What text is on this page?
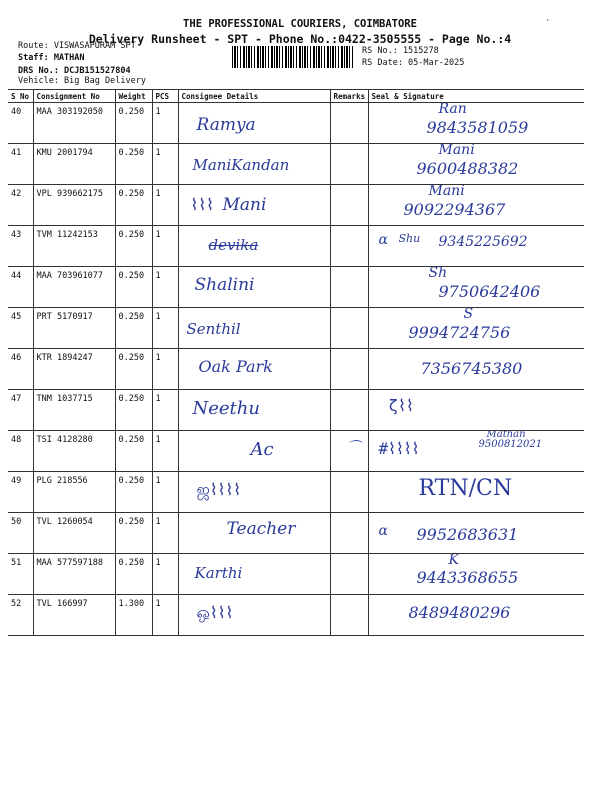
THE PROFESSIONAL COURIERS, COIMBATORE
Delivery Runsheet - SPT - Phone No.:0422-3505555 - Page No.:4
Route: VISWASAPURAM SPT
Staff: MATHAN
DRS No.: DCJB151527804
Vehicle: Big Bag Delivery
RS No.: 1515278
RS Date: 05-Mar-2025
·
S No	Consignment No	Weight	PCS	Consignee Details	Remarks	Seal & Signature
40	MAA 303192050	0.250	1	Ramya		Ran
9843581059

41	KMU 2001794	0.250	1	ManiKandan		Mani
9600488382

42	VPL 939662175	0.250	1	⌇⌇⌇ Mani		Mani
9092294367

43	TVM 11242153	0.250	1	devika		α Shu 9345225692

44	MAA 703961077	0.250	1	Shalini		Sh
9750642406

45	PRT 5170917	0.250	1	Senthil		S
9994724756

46	KTR 1894247	0.250	1	Oak Park		7356745380

47	TNM 1037715	0.250	1	Neethu		ζ⌇⌇

48	TSI 4128280	0.250	1	Ac	⌒	#⌇⌇⌇⌇
Mathan
9500812021

49	PLG 218556	0.250	1	ஜ⌇⌇⌇⌇		RTN/CN

50	TVL 1260054	0.250	1	Teacher		α 9952683631

51	MAA 577597188	0.250	1	Karthi		K
9443368655

52	TVL 166997	1.300	1	ஒ⌇⌇⌇		8489480296
